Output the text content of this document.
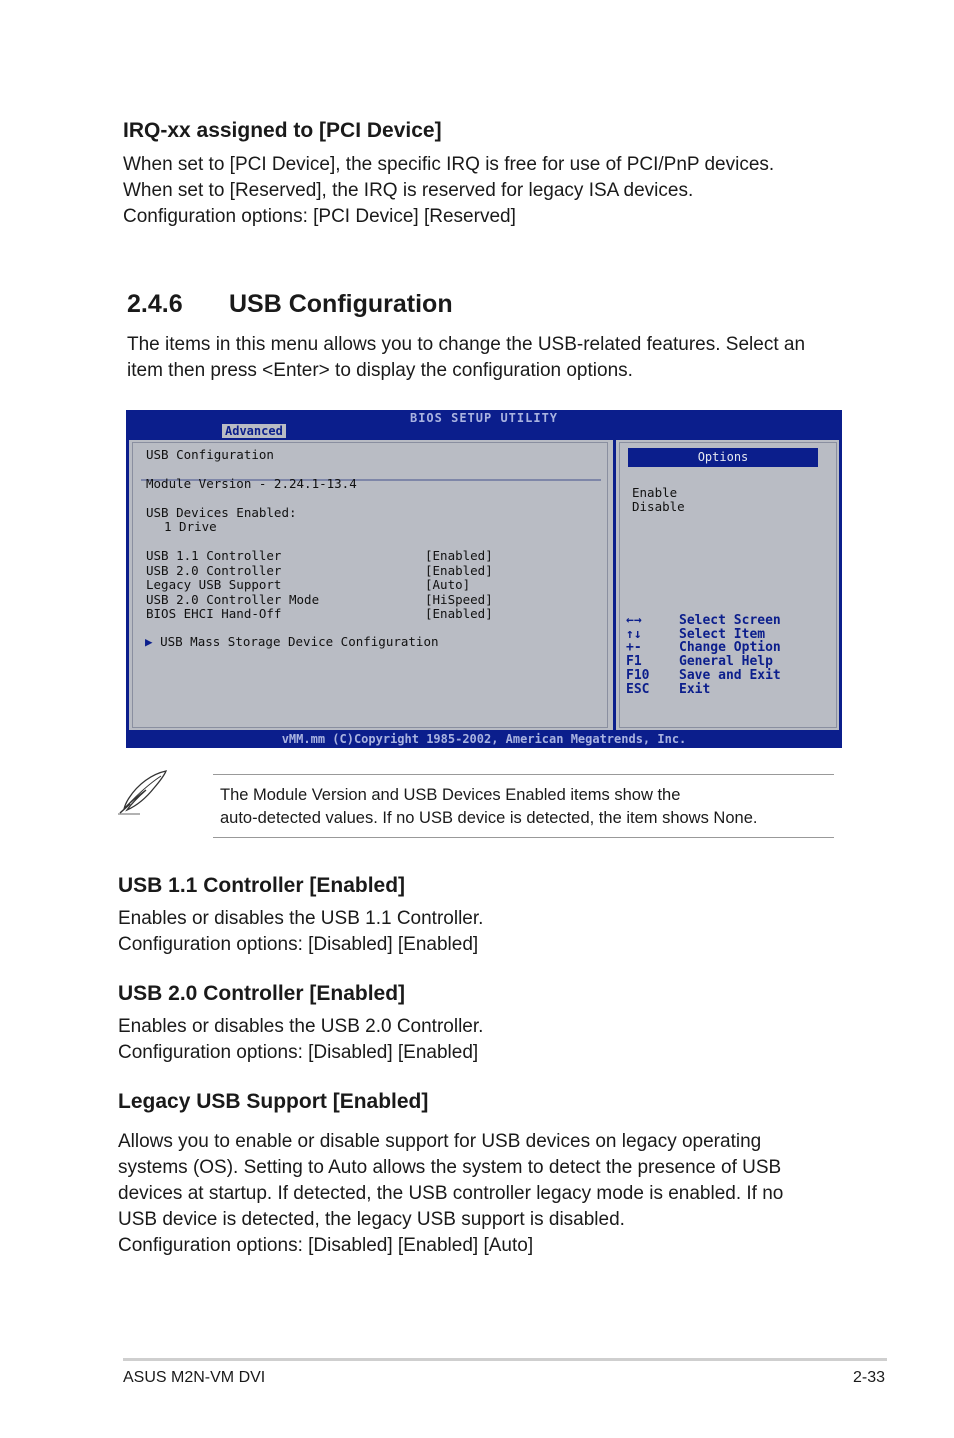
IRQ-xx assigned to [PCI Device]

When set to [PCI Device], the specific IRQ is free for use of PCI/PnP devices.

When set to [Reserved], the IRQ is reserved for legacy ISA devices.

Configuration options: [PCI Device] [Reserved]

2.4.6 USB Configuration

The items in this menu allows you to change the USB-related features. Select an

item then press <Enter> to display the configuration options.

BIOS SETUP UTILITY
Advanced
USB Configuration
Module Version - 2.24.1-13.4
USB Devices Enabled:
1 Drive
USB 1.1 Controller	[Enabled]
USB 2.0 Controller	[Enabled]
Legacy USB Support	[Auto]
USB 2.0 Controller Mode	[HiSpeed]
BIOS EHCI Hand-Off	[Enabled]
▶ USB Mass Storage Device Configuration
Options
Enable
Disable
←→	Select Screen
↑↓	Select Item
+-	Change Option
F1	General Help
F10 Save and Exit
ESC Exit
vMM.mm (C)Copyright 1985-2002, American Megatrends, Inc.
The Module Version and USB Devices Enabled items show the
auto-detected values. If no USB device is detected, the item shows None.
USB 1.1 Controller [Enabled]

Enables or disables the USB 1.1 Controller.

Configuration options: [Disabled] [Enabled]

USB 2.0 Controller [Enabled]

Enables or disables the USB 2.0 Controller.

Configuration options: [Disabled] [Enabled]

Legacy USB Support [Enabled]

Allows you to enable or disable support for USB devices on legacy operating

systems (OS). Setting to Auto allows the system to detect the presence of USB

devices at startup. If detected, the USB controller legacy mode is enabled. If no

USB device is detected, the legacy USB support is disabled.

Configuration options: [Disabled] [Enabled] [Auto]

ASUS M2N-VM DVI	2-33
